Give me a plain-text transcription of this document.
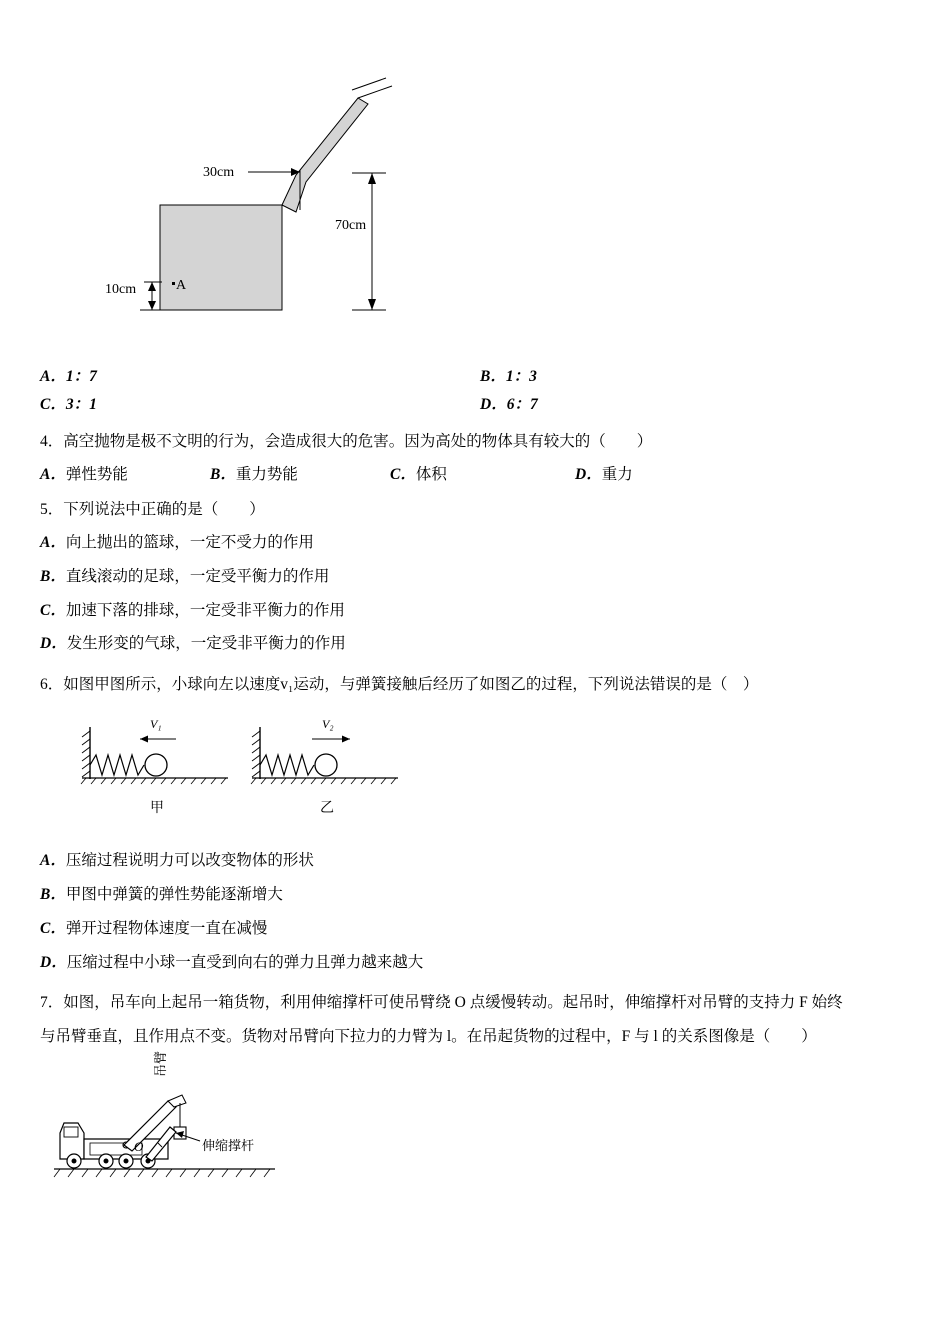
30cm
70cm
10cm	A
A．1：7	B．1：3
C．3：1	D．6：7
4．高空抛物是极不文明的行为，会造成很大的危害。因为高处的物体具有较大的（　　）
A．弹性势能	B．重力势能	C．体积	D．重力
5．下列说法中正确的是（　　）
A．向上抛出的篮球，一定不受力的作用
B．直线滚动的足球，一定受平衡力的作用
C．加速下落的排球，一定受非平衡力的作用
D．发生形变的气球，一定受非平衡力的作用
6．如图甲图所示，小球向左以速度v₁运动，与弹簧接触后经历了如图乙的过程，下列说法错误的是（　）
V₁
甲
V₂
乙
A．压缩过程说明力可以改变物体的形状
B．甲图中弹簧的弹性势能逐渐增大
C．弹开过程物体速度一直在减慢
D．压缩过程中小球一直受到向右的弹力且弹力越来越大
7．如图，吊车向上起吊一箱货物，利用伸缩撑杆可使吊臂绕 O 点缓慢转动。起吊时，伸缩撑杆对吊臂的支持力 F 始终
与吊臂垂直，且作用点不变。货物对吊臂向下拉力的力臂为 l。在吊起货物的过程中，F 与 l 的关系图像是（　　）
吊臂
O	伸缩撑杆
